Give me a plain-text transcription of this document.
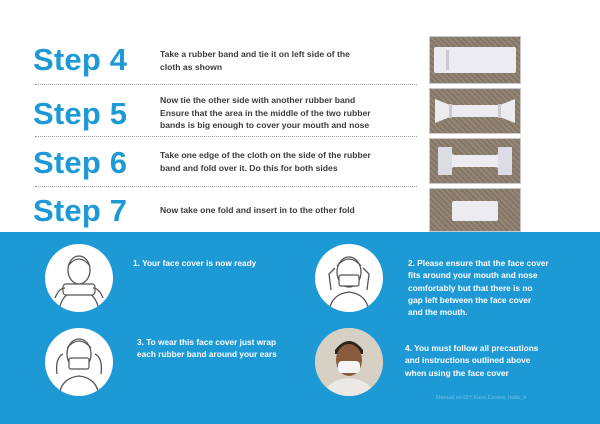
Step 4	Take a rubber band and tie it on left side of the
cloth as shown
Step 5	Now tie the other side with another rubber band
Ensure that the area in the middle of the two rubber
bands is big enough to cover your mouth and nose
Step 6	Take one edge of the cloth on the side of the rubber
band and fold over it. Do this for both sides
Step 7	Now take one fold and insert in to the other fold
1. Your face cover is now ready	2. Please ensure that the face cover
fits around your mouth and nose
comfortably but that there is no
gap left between the face cover
and the mouth.
3. To wear this face cover just wrap
each rubber band around your ears
4. You must follow all precautions
and instructions outlined above
when using the face cover
Manual on DIY Face Covers, India_4
